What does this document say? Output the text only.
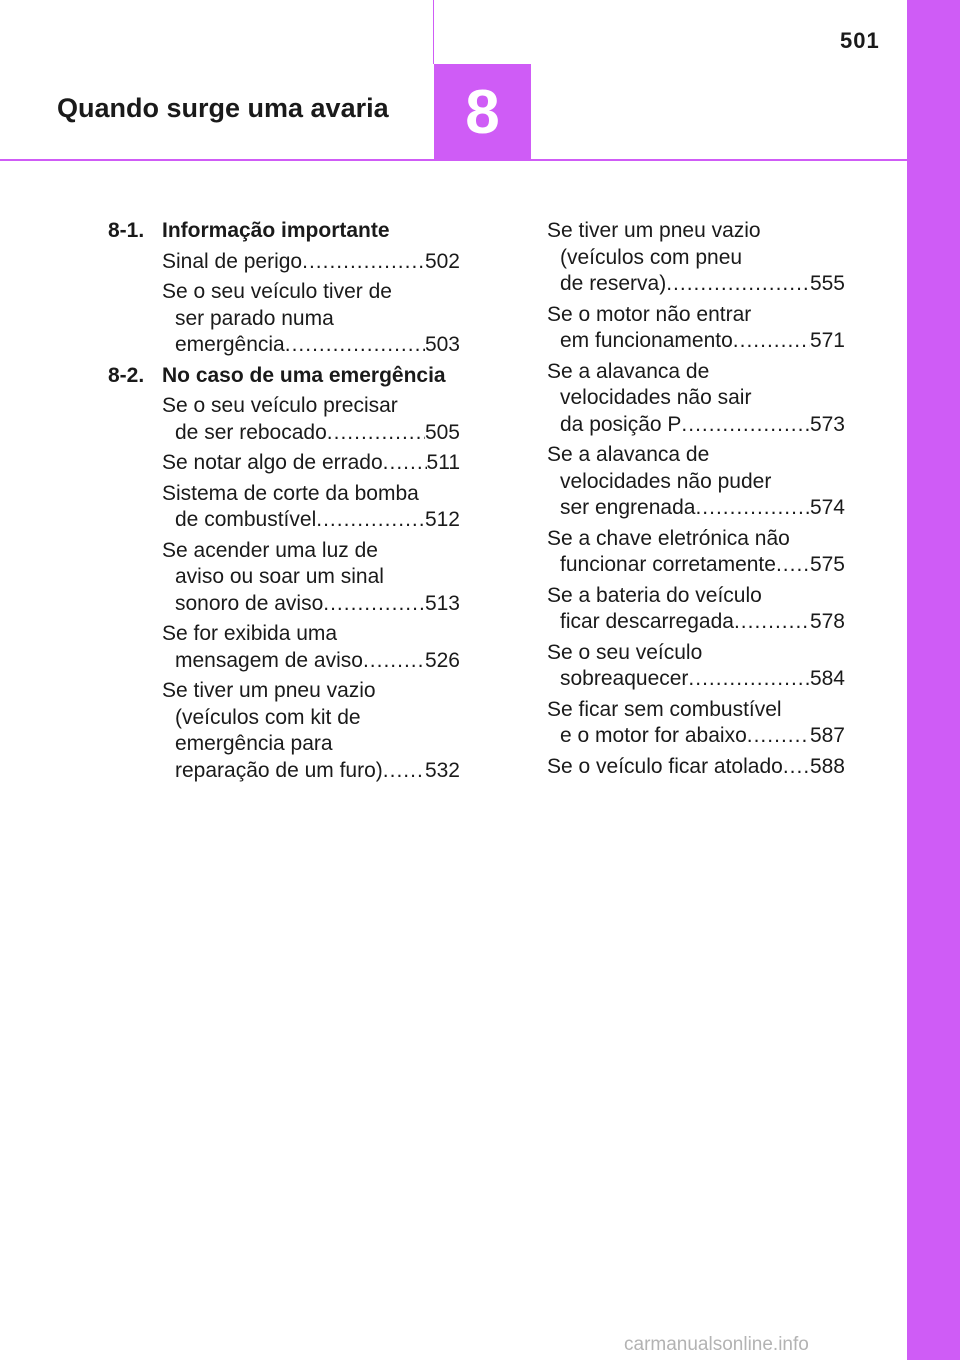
8
501
Quando surge uma avaria
8-1. Informação importante
Sinal de perigo .....	502
Se o seu veículo tiver de
ser parado numa
emergência .....	503
8-2. No caso de uma emergência
Se o seu veículo precisar
de ser rebocado .....	505
Se notar algo de errado ..... 511
Sistema de corte da bomba
de combustível .....	512
Se acender uma luz de
aviso ou soar um sinal
sonoro de aviso .....	513
Se for exibida uma
mensagem de aviso .....	526
Se tiver um pneu vazio
(veículos com kit de
emergência para
reparação de um furo) ..... 532
Se tiver um pneu vazio
(veículos com pneu
de reserva) .....	555
Se o motor não entrar
em funcionamento .....	571
Se a alavanca de
velocidades não sair
da posição P .....	573
Se a alavanca de
velocidades não puder
ser engrenada .....	574
Se a chave eletrónica não
funcionar corretamente ..... 575
Se a bateria do veículo
ficar descarregada .....	578
Se o seu veículo
sobreaquecer .....	584
Se ficar sem combustível
e o motor for abaixo .....	587
Se o veículo ficar atolado ..... 588
carmanualsonline.info
